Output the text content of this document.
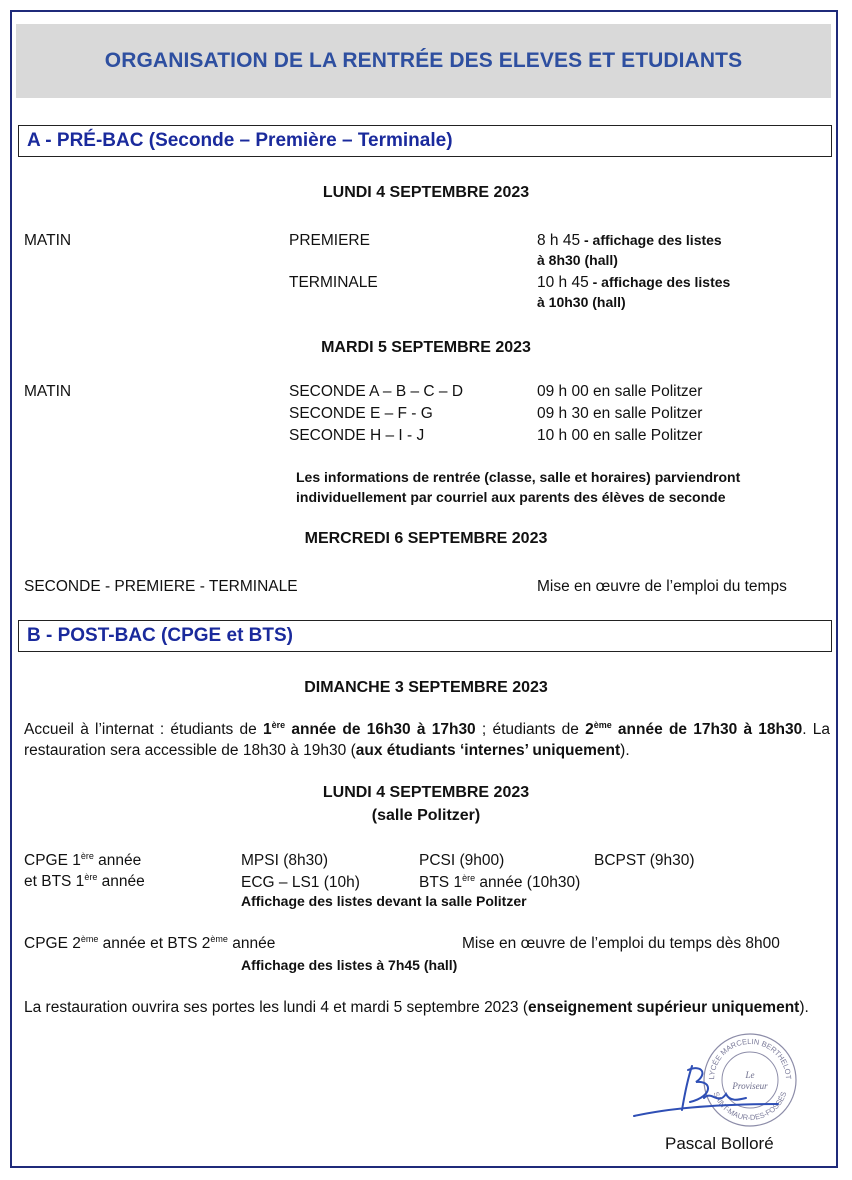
ORGANISATION DE LA RENTRÉE DES ELEVES ET ETUDIANTS
A - PRÉ-BAC (Seconde – Première – Terminale)
LUNDI 4 SEPTEMBRE 2023
MATIN	PREMIERE	8 h 45 - affichage des listes
à 8h30 (hall)
TERMINALE	10 h 45 - affichage des listes
à 10h30 (hall)
MARDI 5 SEPTEMBRE 2023
MATIN	SECONDE A – B – C – D	09 h 00 en salle Politzer
SECONDE E – F - G	09 h 30 en salle Politzer
SECONDE H – I - J	10 h 00 en salle Politzer
Les informations de rentrée (classe, salle et horaires) parviendront
individuellement par courriel aux parents des élèves de seconde
MERCREDI 6 SEPTEMBRE 2023
SECONDE - PREMIERE - TERMINALE	Mise en œuvre de l’emploi du temps
B - POST-BAC (CPGE et BTS)
DIMANCHE 3 SEPTEMBRE 2023
Accueil à l’internat : étudiants de 1ère année de 16h30 à 17h30 ; étudiants de 2ème année de 17h30 à 18h30. La restauration sera accessible de 18h30 à 19h30 (aux étudiants ‘internes’ uniquement).
LUNDI 4 SEPTEMBRE 2023
(salle Politzer)
CPGE 1ère année
et BTS 1ère année
MPSI (8h30)	PCSI (9h00)	BCPST (9h30)
ECG – LS1 (10h)	BTS 1ère année (10h30)
Affichage des listes devant la salle Politzer
CPGE 2ème année et BTS 2ème année	Mise en œuvre de l’emploi du temps dès 8h00
Affichage des listes à 7h45 (hall)
La restauration ouvrira ses portes les lundi 4 et mardi 5 septembre 2023 (enseignement supérieur uniquement).
LYCÉE MARCELIN BERTHELOT
SAINT-MAUR-DES-FOSSÉS
Le
Proviseur
Pascal Bolloré
